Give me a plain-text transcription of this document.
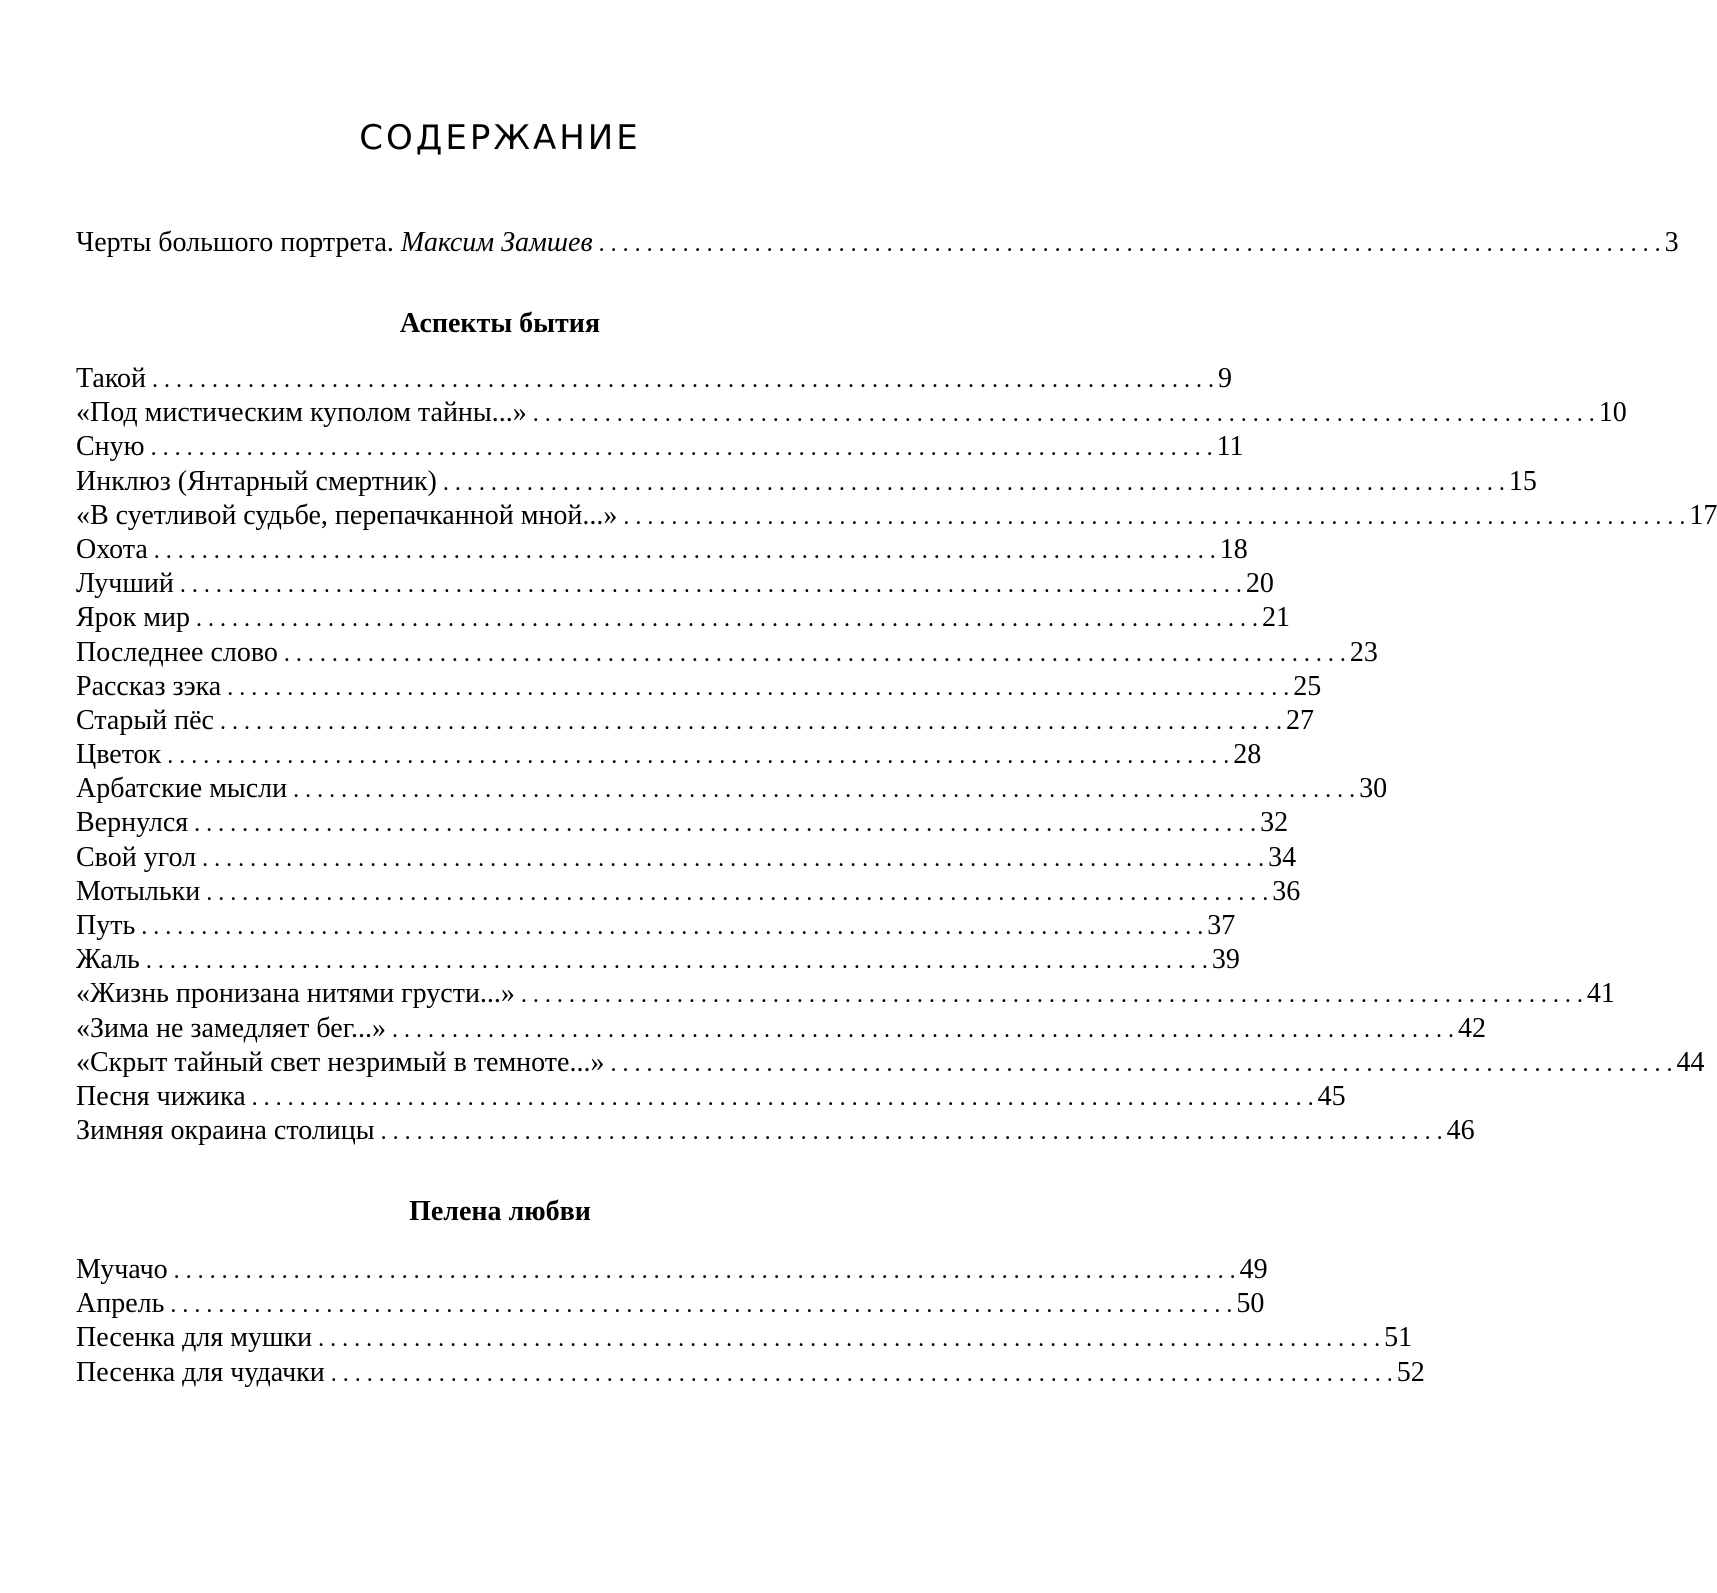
СОДЕРЖАНИЕ
Черты большого портрета. Максим Замшев . . .	3
Аспекты бытия
Такой . . .	9
«Под мистическим куполом тайны...» . . .	10
Сную . . .	11
Инклюз (Янтарный смертник) . . .	15
«В суетливой судьбе, перепачканной мной...» . . .	17
Охота . . .	18
Лучший . . .	20
Ярок мир . . .	21
Последнее слово . . .	23
Рассказ зэка . . .	25
Старый пёс . . .	27
Цветок . . .	28
Арбатские мысли . . .	30
Вернулся . . .	32
Свой угол . . .	34
Мотыльки . . .	36
Путь . . .	37
Жаль . . .	39
«Жизнь пронизана нитями грусти...» . . .	41
«Зима не замедляет бег...» . . .	42
«Скрыт тайный свет незримый в темноте...» . . .	44
Песня чижика . . .	45
Зимняя окраина столицы . . .	46
Пелена любви
Мучачо . . .	49
Апрель . . .	50
Песенка для мушки . . .	51
Песенка для чудачки . . .	52
